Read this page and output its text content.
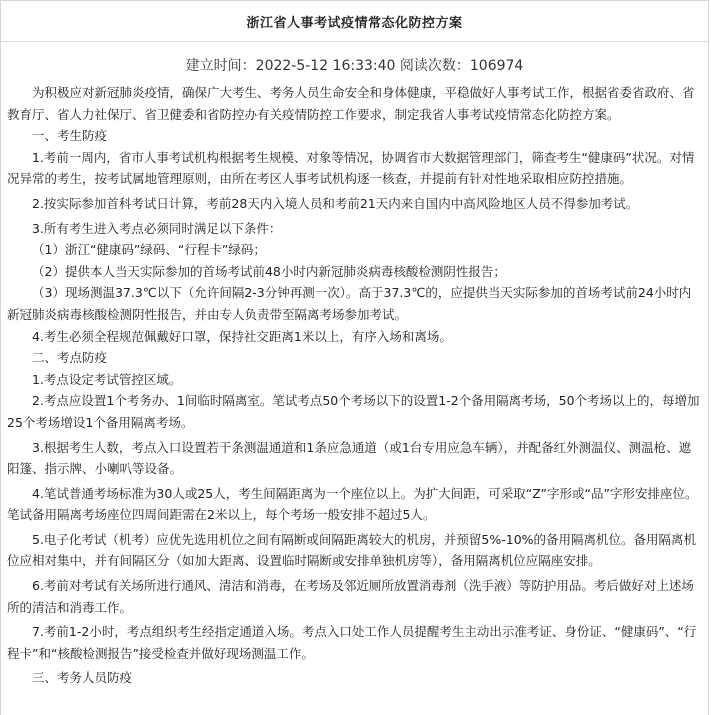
浙江省人事考试疫情常态化防控方案
建立时间：2022-5-12 16:33:40 阅读次数：106974

为积极应对新冠肺炎疫情，确保广大考生、考务人员生命安全和身体健康，平稳做好人事考试工作，根据省委省政府、省教育厅、省人力社保厅、省卫健委和省防控办有关疫情防控工作要求，制定我省人事考试疫情常态化防控方案。

一、考生防疫

1.考前一周内，省市人事考试机构根据考生规模、对象等情况，协调省市大数据管理部门，筛查考生“健康码”状况。对情况异常的考生，按考试属地管理原则，由所在考区人事考试机构逐一核查，并提前有针对性地采取相应防控措施。

2.按实际参加首科考试日计算，考前28天内入境人员和考前21天内来自国内中高风险地区人员不得参加考试。

3.所有考生进入考点必须同时满足以下条件：

（1）浙江“健康码”绿码、“行程卡”绿码；

（2）提供本人当天实际参加的首场考试前48小时内新冠肺炎病毒核酸检测阴性报告；

（3）现场测温37.3℃以下（允许间隔2-3分钟再测一次）。高于37.3℃的，应提供当天实际参加的首场考试前24小时内新冠肺炎病毒核酸检测阴性报告，并由专人负责带至隔离考场参加考试。

4.考生必须全程规范佩戴好口罩，保持社交距离1米以上，有序入场和离场。

二、考点防疫

1.考点设定考试管控区域。

2.考点应设置1个考务办、1间临时隔离室。笔试考点50个考场以下的设置1-2个备用隔离考场，50个考场以上的，每增加25个考场增设1个备用隔离考场。

3.根据考生人数，考点入口设置若干条测温通道和1条应急通道（或1台专用应急车辆），并配备红外测温仪、测温枪、遮阳篷、指示牌、小喇叭等设备。

4.笔试普通考场标准为30人或25人，考生间隔距离为一个座位以上。为扩大间距，可采取“Z”字形或“品”字形安排座位。笔试备用隔离考场座位四周间距需在2米以上，每个考场一般安排不超过5人。

5.电子化考试（机考）应优先选用机位之间有隔断或间隔距离较大的机房，并预留5%-10%的备用隔离机位。备用隔离机位应相对集中，并有间隔区分（如加大距离、设置临时隔断或安排单独机房等），备用隔离机位应隔座安排。

6.考前对考试有关场所进行通风、清洁和消毒，在考场及邻近厕所放置消毒剂（洗手液）等防护用品。考后做好对上述场所的清洁和消毒工作。

7.考前1-2小时，考点组织考生经指定通道入场。考点入口处工作人员提醒考生主动出示准考证、身份证、“健康码”、“行程卡”和“核酸检测报告”接受检查并做好现场测温工作。

三、考务人员防疫
